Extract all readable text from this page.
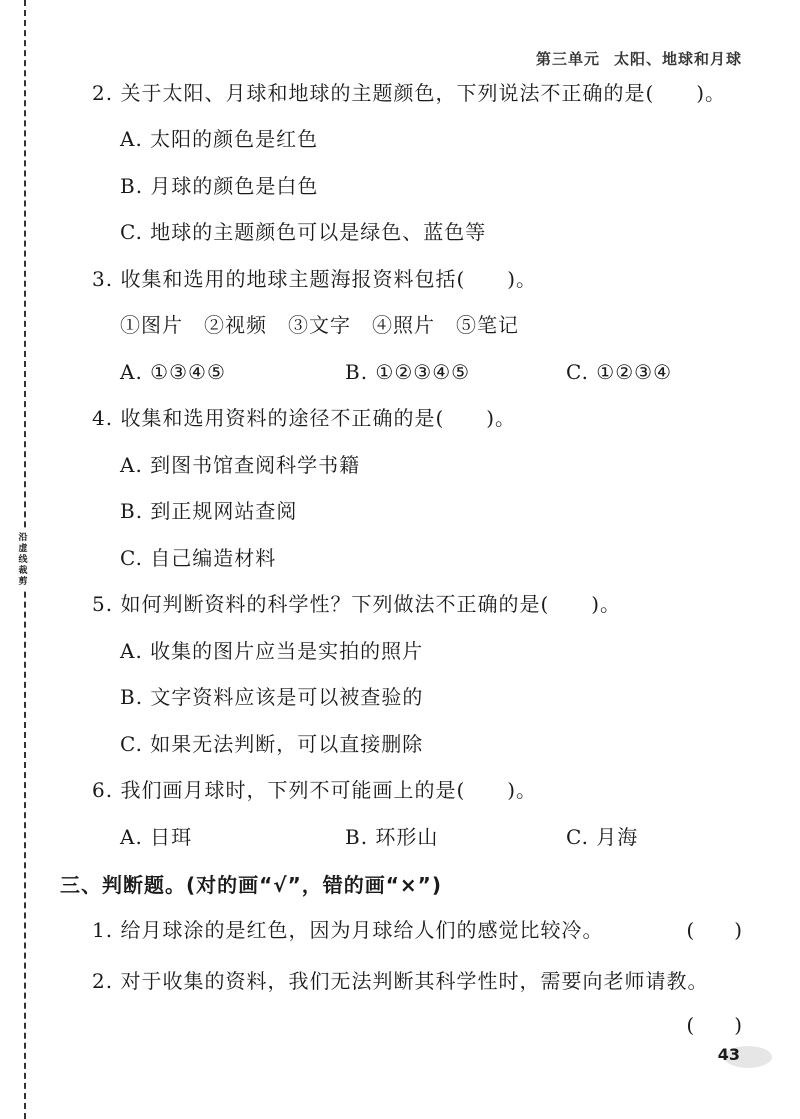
沿虚线裁剪
第三单元 太阳、地球和月球
2. 关于太阳、月球和地球的主题颜色，下列说法不正确的是(　　)。
A. 太阳的颜色是红色
B. 月球的颜色是白色
C. 地球的主题颜色可以是绿色、蓝色等
3. 收集和选用的地球主题海报资料包括(　　)。
①图片　②视频　③文字　④照片　⑤笔记
A. ①③④⑤	B. ①②③④⑤	C. ①②③④
4. 收集和选用资料的途径不正确的是(　　)。
A. 到图书馆查阅科学书籍
B. 到正规网站查阅
C. 自己编造材料
5. 如何判断资料的科学性？下列做法不正确的是(　　)。
A. 收集的图片应当是实拍的照片
B. 文字资料应该是可以被查验的
C. 如果无法判断，可以直接删除
6. 我们画月球时，下列不可能画上的是(　　)。
A. 日珥	B. 环形山	C. 月海
三、判断题。(对的画“√”，错的画“×”)
1. 给月球涂的是红色，因为月球给人们的感觉比较冷。	(　　)
2. 对于收集的资料，我们无法判断其科学性时，需要向老师请教。
(　　)
43
